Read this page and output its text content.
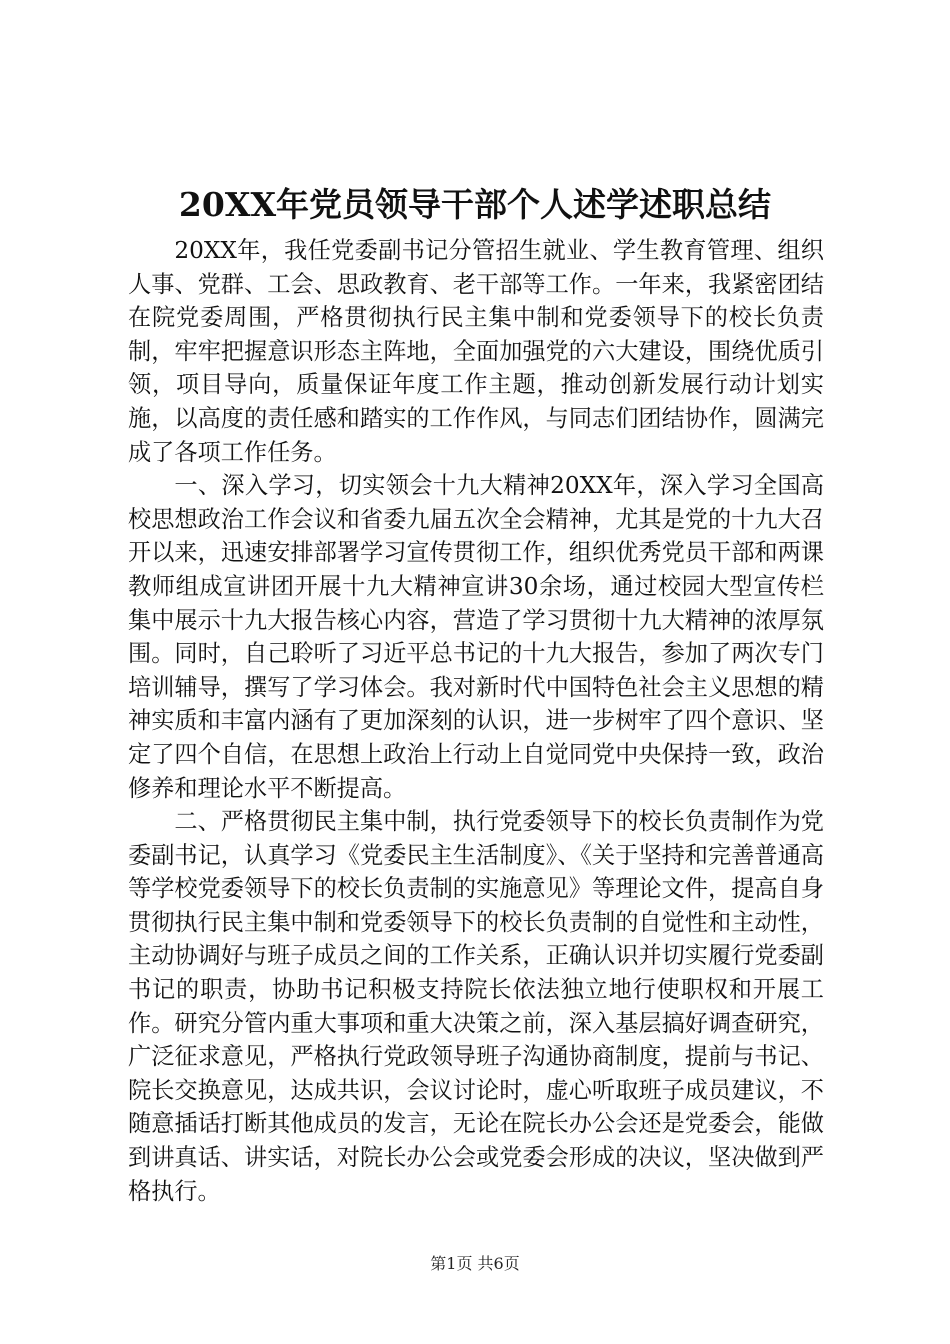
20XX年党员领导干部个人述学述职总结

20XX年，我任党委副书记分管招生就业、学生教育管理、组织人事、党群、工会、思政教育、老干部等工作。一年来，我紧密团结在院党委周围，严格贯彻执行民主集中制和党委领导下的校长负责制，牢牢把握意识形态主阵地，全面加强党的六大建设，围绕优质引领，项目导向，质量保证年度工作主题，推动创新发展行动计划实施，以高度的责任感和踏实的工作作风，与同志们团结协作，圆满完成了各项工作任务。

一、深入学习，切实领会十九大精神20XX年，深入学习全国高校思想政治工作会议和省委九届五次全会精神，尤其是党的十九大召开以来，迅速安排部署学习宣传贯彻工作，组织优秀党员干部和两课教师组成宣讲团开展十九大精神宣讲30余场，通过校园大型宣传栏集中展示十九大报告核心内容，营造了学习贯彻十九大精神的浓厚氛围。同时，自己聆听了习近平总书记的十九大报告，参加了两次专门培训辅导，撰写了学习体会。我对新时代中国特色社会主义思想的精神实质和丰富内涵有了更加深刻的认识，进一步树牢了四个意识、坚定了四个自信，在思想上政治上行动上自觉同党中央保持一致，政治修养和理论水平不断提高。

二、严格贯彻民主集中制，执行党委领导下的校长负责制作为党委副书记，认真学习《党委民主生活制度》、《关于坚持和完善普通高等学校党委领导下的校长负责制的实施意见》等理论文件，提高自身贯彻执行民主集中制和党委领导下的校长负责制的自觉性和主动性，主动协调好与班子成员之间的工作关系，正确认识并切实履行党委副书记的职责，协助书记积极支持院长依法独立地行使职权和开展工作。研究分管内重大事项和重大决策之前，深入基层搞好调查研究，广泛征求意见，严格执行党政领导班子沟通协商制度，提前与书记、院长交换意见，达成共识，会议讨论时，虚心听取班子成员建议，不随意插话打断其他成员的发言，无论在院长办公会还是党委会，能做到讲真话、讲实话，对院长办公会或党委会形成的决议，坚决做到严格执行。

第1页 共6页
